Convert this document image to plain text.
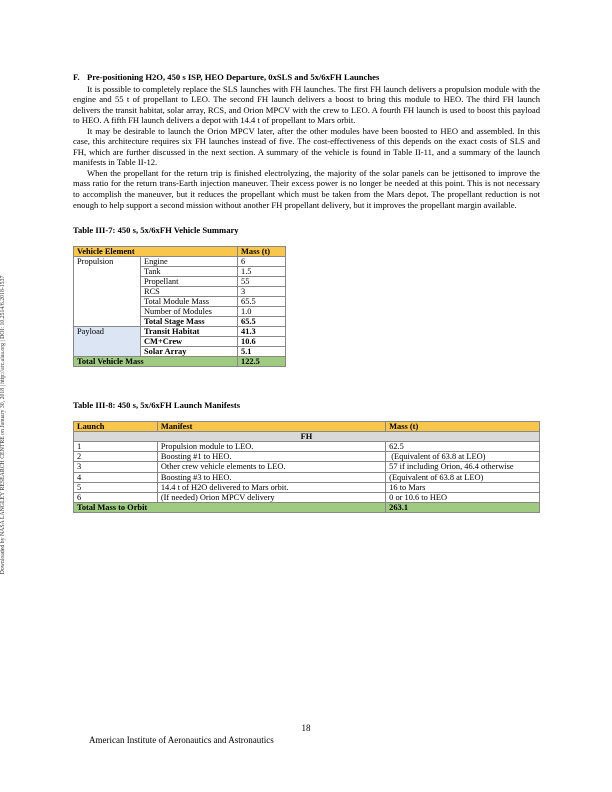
Downloaded by NASA LANGLEY RESEARCH CENTRE on January 30, 2018 | http://arc.aiaa.org | DOI: 10.2514/6.2018-1537
F. Pre-positioning H2O, 450 s ISP, HEO Departure, 0xSLS and 5x/6xFH Launches

It is possible to completely replace the SLS launches with FH launches. The first FH launch delivers a propulsion module with the engine and 55 t of propellant to LEO. The second FH launch delivers a boost to bring this module to HEO. The third FH launch delivers the transit habitat, solar array, RCS, and Orion MPCV with the crew to LEO. A fourth FH launch is used to boost this payload to HEO. A fifth FH launch delivers a depot with 14.4 t of propellant to Mars orbit.

It may be desirable to launch the Orion MPCV later, after the other modules have been boosted to HEO and assembled. In this case, this architecture requires six FH launches instead of five. The cost-effectiveness of this depends on the exact costs of SLS and FH, which are further discussed in the next section. A summary of the vehicle is found in Table II-11, and a summary of the launch manifests in Table II-12.

When the propellant for the return trip is finished electrolyzing, the majority of the solar panels can be jettisoned to improve the mass ratio for the return trans-Earth injection maneuver. Their excess power is no longer be needed at this point. This is not necessary to accomplish the maneuver, but it reduces the propellant which must be taken from the Mars depot. The propellant reduction is not enough to help support a second mission without another FH propellant delivery, but it improves the propellant margin available.

Table III-7: 450 s, 5x/6xFH Vehicle Summary
Vehicle Element		Mass (t)
Propulsion	Engine	6
	Tank	1.5
	Propellant	55
	RCS	3
	Total Module Mass	65.5
	Number of Modules	1.0
	Total Stage Mass	65.5
Payload	Transit Habitat	41.3
	CM+Crew	10.6
	Solar Array	5.1
Total Vehicle Mass		122.5
Table III-8: 450 s, 5x/6xFH Launch Manifests
Launch	Manifest	Mass (t)
FH		
1	Propulsion module to LEO.	62.5
2	Boosting #1 to HEO.	(Equivalent of 63.8 at LEO)
3	Other crew vehicle elements to LEO.	57 if including Orion, 46.4 otherwise
4	Boosting #3 to HEO.	(Equivalent of 63.8 at LEO)
5	14.4 t of H2O delivered to Mars orbit.	16 to Mars
6	(If needed) Orion MPCV delivery	0 or 10.6 to HEO
Total Mass to Orbit		263.1
18
American Institute of Aeronautics and Astronautics
